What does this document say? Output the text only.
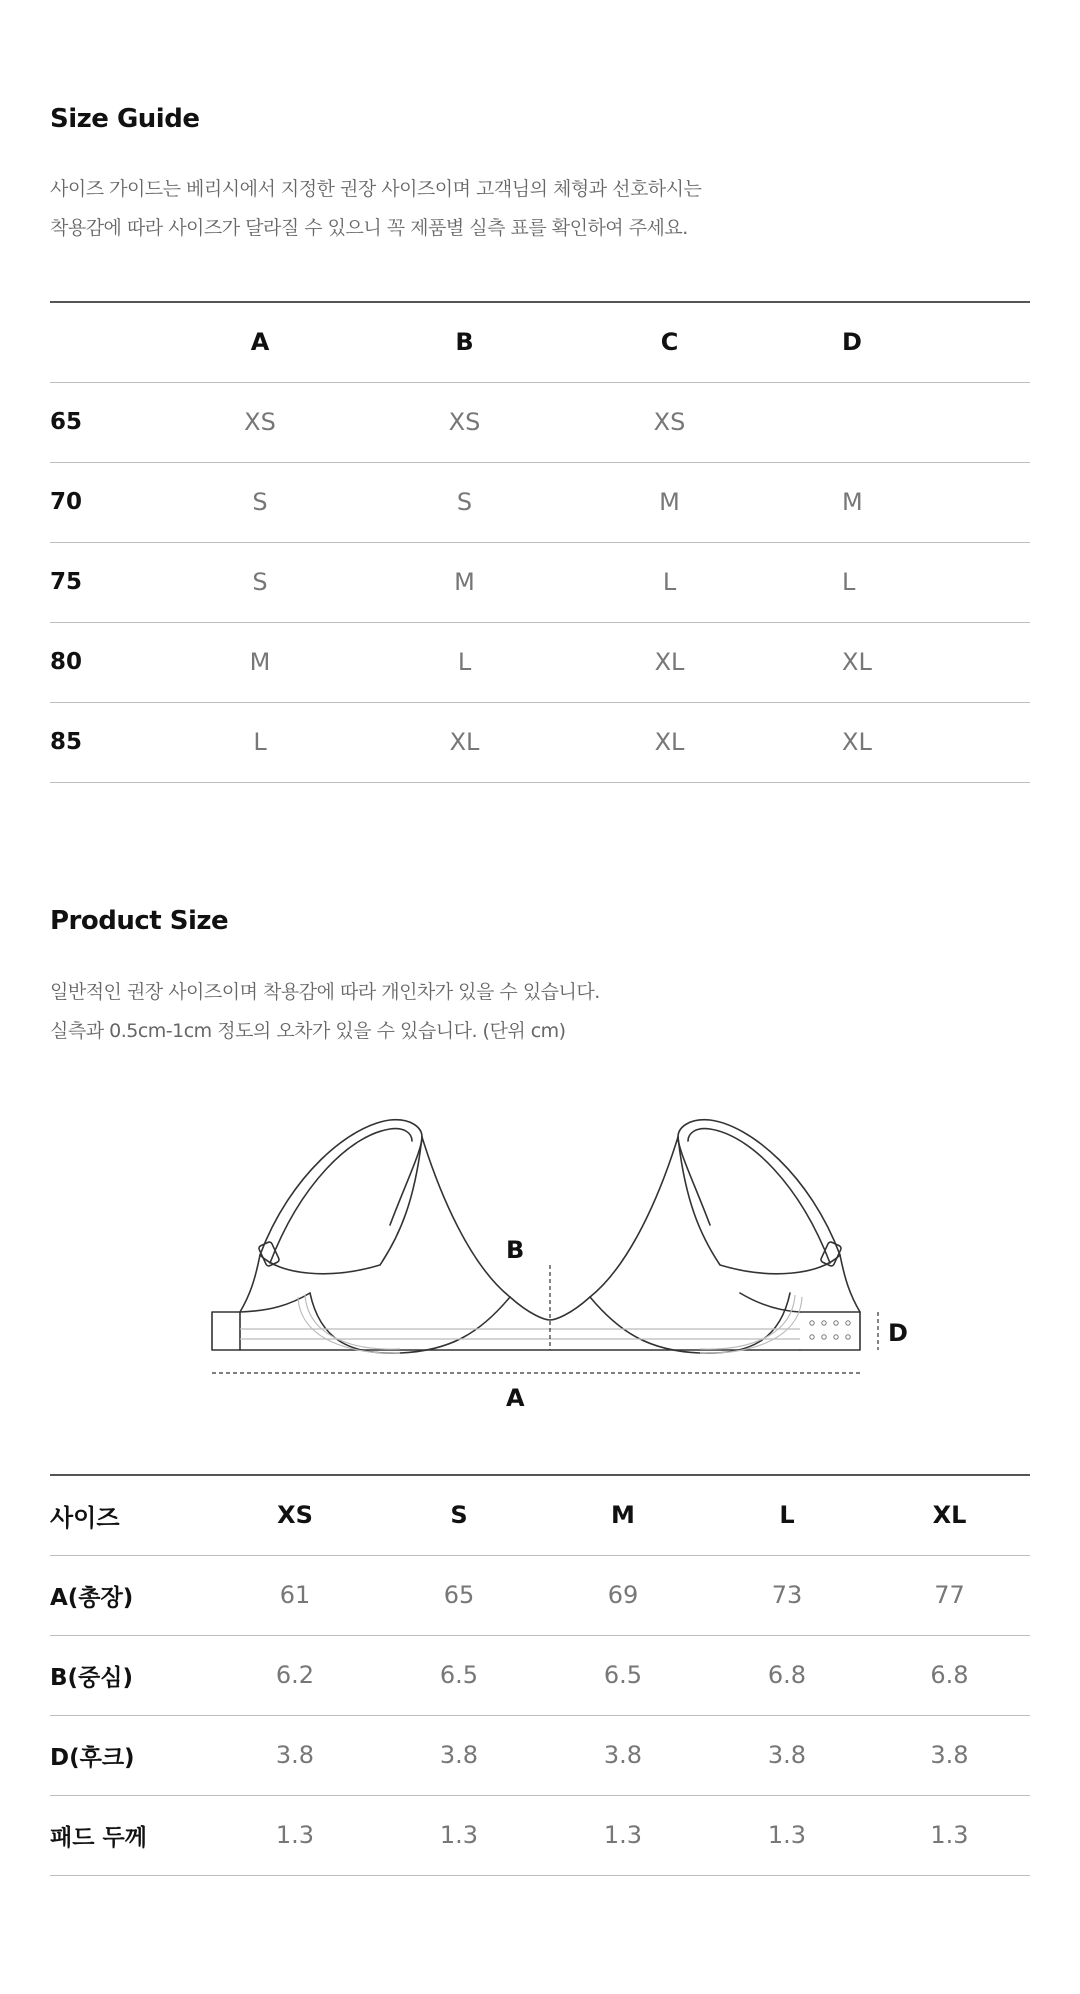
Size Guide
사이즈 가이드는 베리시에서 지정한 권장 사이즈이며 고객님의 체형과 선호하시는
착용감에 따라 사이즈가 달라질 수 있으니 꼭 제품별 실측 표를 확인하여 주세요.
	A	B	C	D
65	XS	XS	XS	
70	S	S	M	M
75	S	M	L	L
80	M	L	XL	XL
85	L	XL	XL	XL
Product Size
일반적인 권장 사이즈이며 착용감에 따라 개인차가 있을 수 있습니다.
실측과 0.5cm-1cm 정도의 오차가 있을 수 있습니다. (단위 cm)
B
D
A
사이즈	XS	S	M	L	XL
A(총장)	61	65	69	73	77
B(중심)	6.2	6.5	6.5	6.8	6.8
D(후크)	3.8	3.8	3.8	3.8	3.8
패드 두께	1.3	1.3	1.3	1.3	1.3
